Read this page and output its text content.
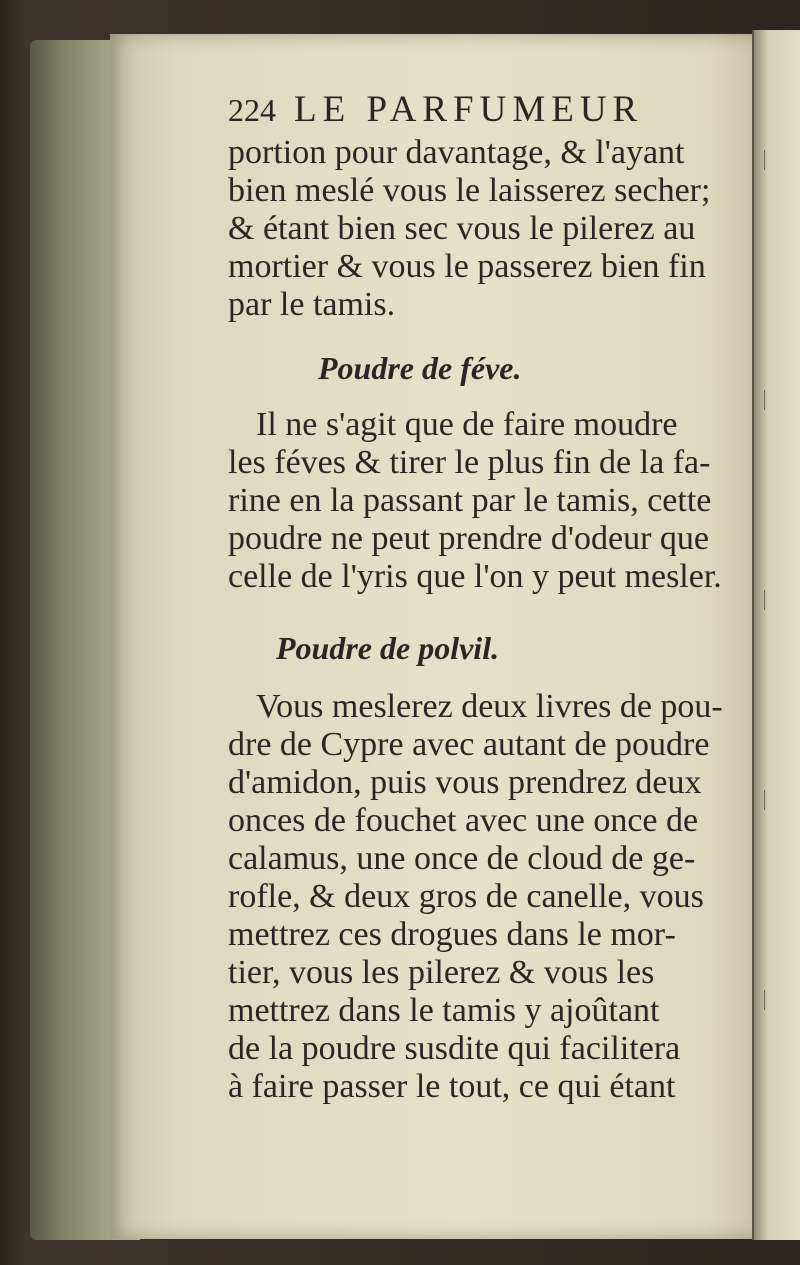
224 LE PARFUMEUR
portion pour davantage, & l'ayant
bien meslé vous le laisserez secher;
& étant bien sec vous le pilerez au
mortier & vous le passerez bien fin
par le tamis.
Poudre de féve.
Il ne s'agit que de faire moudre
les féves & tirer le plus fin de la fa-
rine en la passant par le tamis, cette
poudre ne peut prendre d'odeur que
celle de l'yris que l'on y peut mesler.
Poudre de polvil.
Vous meslerez deux livres de pou-
dre de Cypre avec autant de poudre
d'amidon, puis vous prendrez deux
onces de fouchet avec une once de
calamus, une once de cloud de ge-
rofle, & deux gros de canelle, vous
mettrez ces drogues dans le mor-
tier, vous les pilerez & vous les
mettrez dans le tamis y ajoûtant
de la poudre susdite qui facilitera
à faire passer le tout, ce qui étant
